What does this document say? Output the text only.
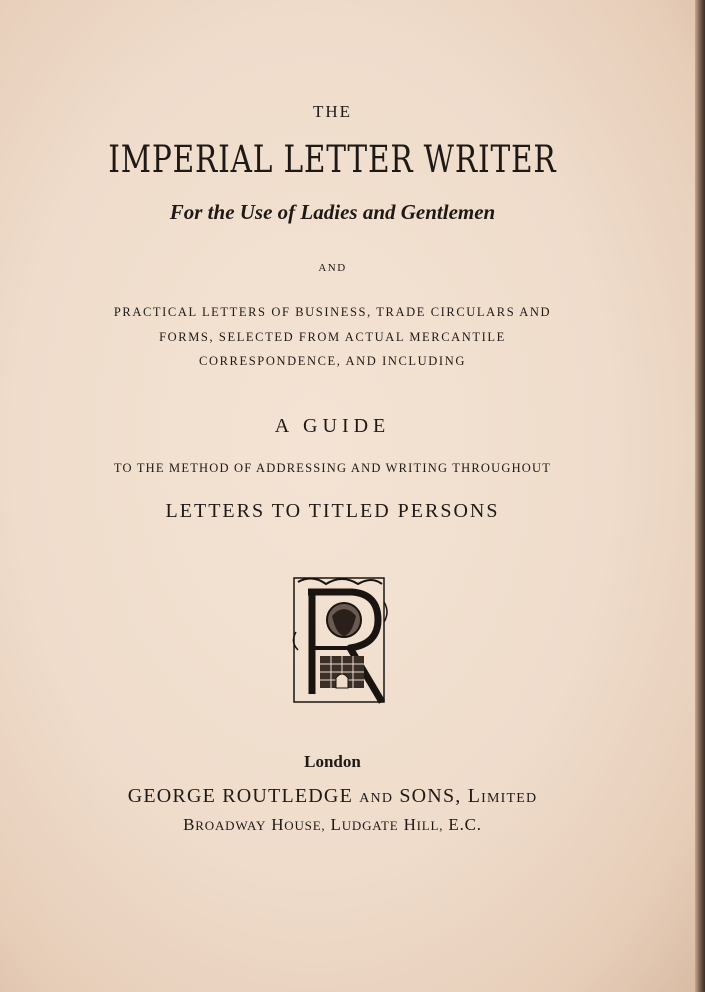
THE
IMPERIAL LETTER WRITER
For the Use of Ladies and Gentlemen
AND
PRACTICAL LETTERS OF BUSINESS, TRADE CIRCULARS AND
FORMS, SELECTED FROM ACTUAL MERCANTILE
CORRESPONDENCE, AND INCLUDING
A GUIDE
TO THE METHOD OF ADDRESSING AND WRITING THROUGHOUT
LETTERS TO TITLED PERSONS
London
GEORGE ROUTLEDGE AND SONS, LIMITED
BROADWAY HOUSE, LUDGATE HILL, E.C.
